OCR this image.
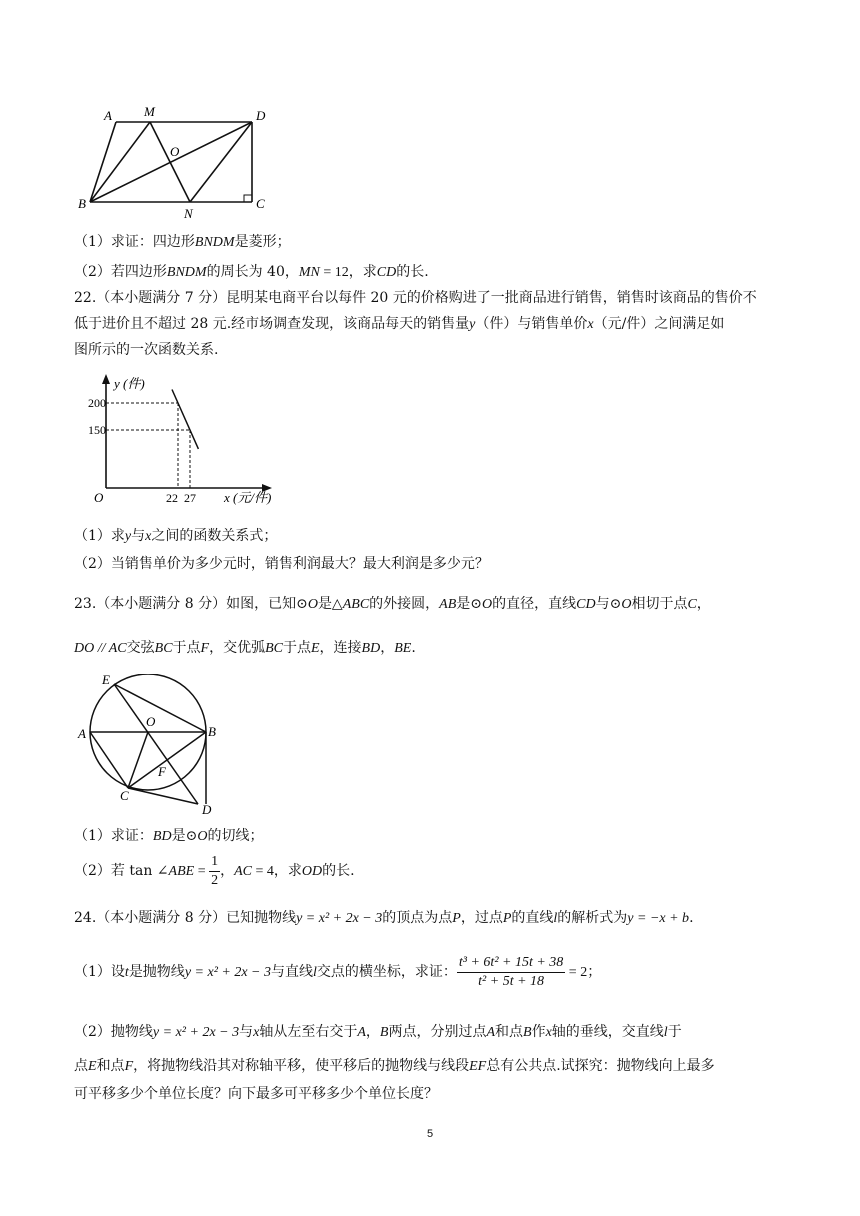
A M	D
O
B
N
C
（1）求证：四边形BNDM是菱形；
（2）若四边形BNDM的周长为 40，MN = 12，求CD的长.
22.（本小题满分 7 分）昆明某电商平台以每件 20 元的价格购进了一批商品进行销售，销售时该商品的售价不
低于进价且不超过 28 元.经市场调查发现，该商品每天的销售量y（件）与销售单价x（元/件）之间满足如
图所示的一次函数关系.
y (件)
x (元/件)
O
200
150
22 27
（1）求y与x之间的函数关系式；
（2）当销售单价为多少元时，销售利润最大？最大利润是多少元？
23.（本小题满分 8 分）如图，已知⊙O是△ABC的外接圆，AB是⊙O的直径，直线CD与⊙O相切于点C，
DO // AC交弦BC于点F，交优弧BC于点E，连接BD，BE.
E
O
A	B
F
C
D
（1）求证：BD是⊙O的切线；
（2）若 tan ∠ABE = $\frac{1}{2}$ ，AC = 4，求OD的长.
24.（本小题满分 8 分）已知抛物线y = x² + 2x − 3的顶点为点P，过点P的直线l的解析式为y = −x + b.
（1）设t是抛物线y = x² + 2x − 3与直线l交点的横坐标，求证： $\frac{\text{t³ + 6t² + 15t + 38}}{\text{t² + 5t + 18}} = 2$；
（2）抛物线y = x² + 2x − 3与x轴从左至右交于A，B两点，分别过点A和点B作x轴的垂线，交直线l于
点E和点F，将抛物线沿其对称轴平移，使平移后的抛物线与线段EF总有公共点.试探究：抛物线向上最多
可平移多少个单位长度？向下最多可平移多少个单位长度？
5
